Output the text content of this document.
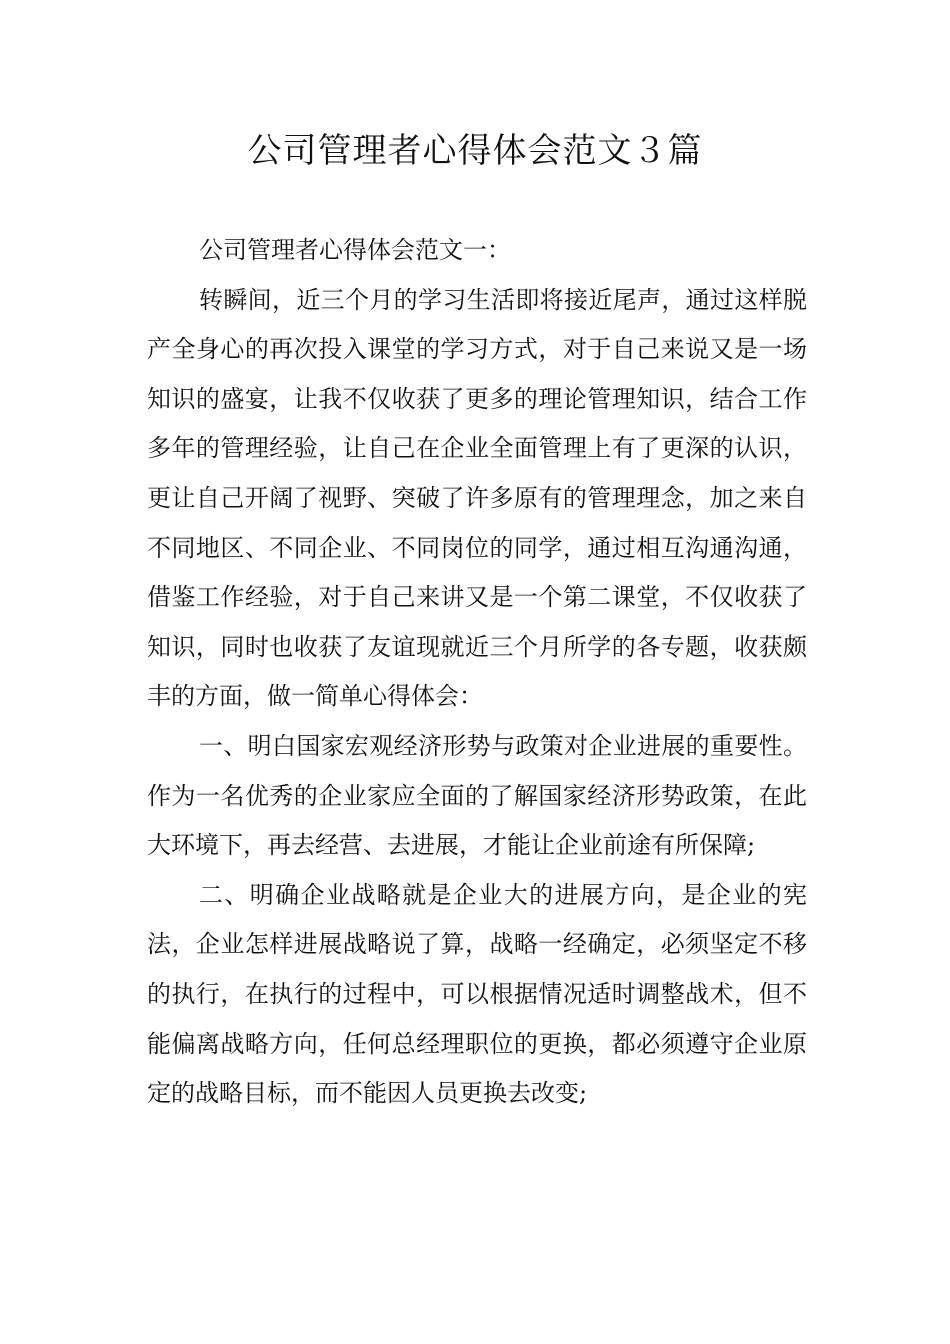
公司管理者心得体会范文３篇

公司管理者心得体会范文一：

转瞬间，近三个月的学习生活即将接近尾声，通过这样脱产全身心的再次投入课堂的学习方式，对于自己来说又是一场知识的盛宴，让我不仅收获了更多的理论管理知识，结合工作多年的管理经验，让自己在企业全面管理上有了更深的认识，更让自己开阔了视野、突破了许多原有的管理理念，加之来自不同地区、不同企业、不同岗位的同学，通过相互沟通沟通，借鉴工作经验，对于自己来讲又是一个第二课堂，不仅收获了知识，同时也收获了友谊现就近三个月所学的各专题，收获颇丰的方面，做一简单心得体会：

一、明白国家宏观经济形势与政策对企业进展的重要性。作为一名优秀的企业家应全面的了解国家经济形势政策，在此大环境下，再去经营、去进展，才能让企业前途有所保障;

二、明确企业战略就是企业大的进展方向，是企业的宪法，企业怎样进展战略说了算，战略一经确定，必须坚定不移的执行，在执行的过程中，可以根据情况适时调整战术，但不能偏离战略方向，任何总经理职位的更换，都必须遵守企业原定的战略目标，而不能因人员更换去改变;
